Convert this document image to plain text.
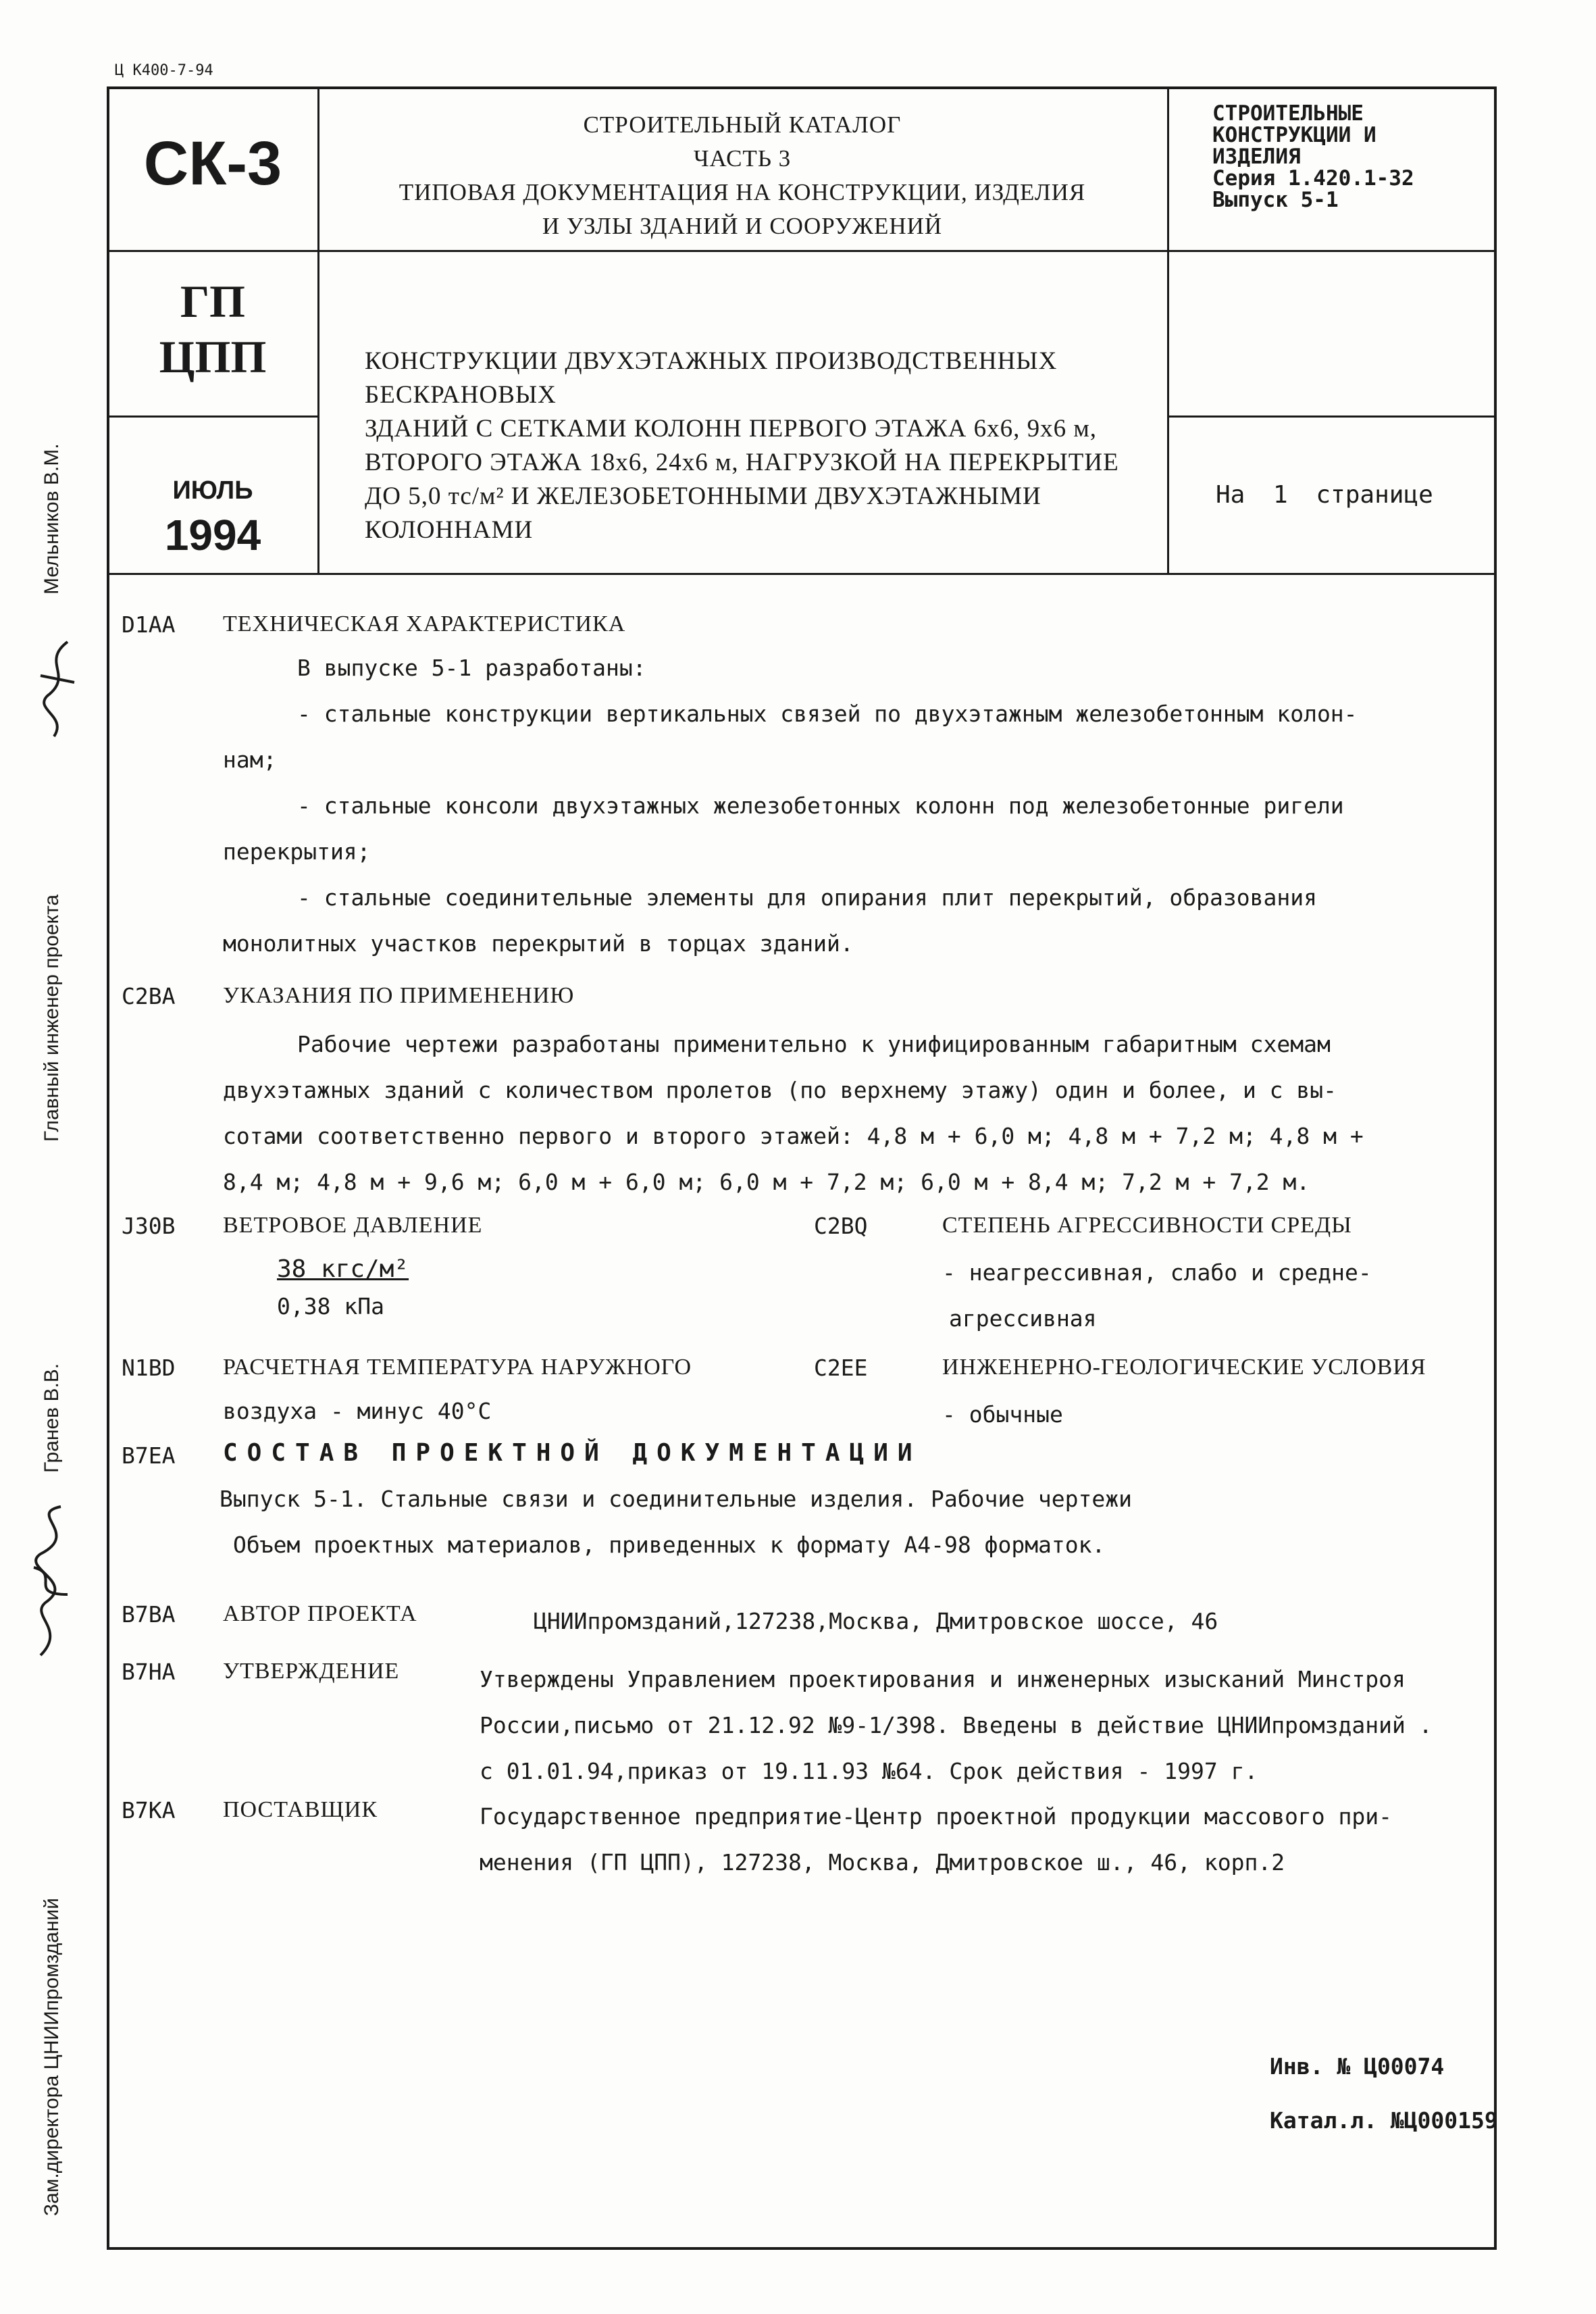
Ц К400-7-94
СК-3
СТРОИТЕЛЬНЫЙ КАТАЛОГ
ЧАСТЬ 3
ТИПОВАЯ ДОКУМЕНТАЦИЯ НА КОНСТРУКЦИИ, ИЗДЕЛИЯ
И УЗЛЫ ЗДАНИЙ И СООРУЖЕНИЙ
СТРОИТЕЛЬНЫЕ
КОНСТРУКЦИИ И
ИЗДЕЛИЯ
Серия 1.420.1-32
Выпуск 5-1
ГП
ЦПП
ИЮЛЬ
1994
КОНСТРУКЦИИ ДВУХЭТАЖНЫХ ПРОИЗВОДСТВЕННЫХ БЕСКРАНОВЫХ
ЗДАНИЙ С СЕТКАМИ КОЛОНН ПЕРВОГО ЭТАЖА 6х6, 9х6 м,
ВТОРОГО ЭТАЖА 18х6, 24х6 м, НАГРУЗКОЙ НА ПЕРЕКРЫТИЕ
ДО 5,0 тс/м² И ЖЕЛЕЗОБЕТОННЫМИ ДВУХЭТАЖНЫМИ КОЛОННАМИ
На 1 странице
Мельников В.М.
Главный инженер проекта
Гранев В.В.
Зам.директора ЦНИИпромзданий
D1AA ТЕХНИЧЕСКАЯ ХАРАКТЕРИСТИКА
В выпуске 5-1 разработаны:
- стальные конструкции вертикальных связей по двухэтажным железобетонным колон-
нам;
- стальные консоли двухэтажных железобетонных колонн под железобетонные ригели
перекрытия;
- стальные соединительные элементы для опирания плит перекрытий, образования
монолитных участков перекрытий в торцах зданий.
C2BA УКАЗАНИЯ ПО ПРИМЕНЕНИЮ
Рабочие чертежи разработаны применительно к унифицированным габаритным схемам
двухэтажных зданий с количеством пролетов (по верхнему этажу) один и более, и с вы-
сотами соответственно первого и второго этажей: 4,8 м + 6,0 м; 4,8 м + 7,2 м; 4,8 м +
8,4 м; 4,8 м + 9,6 м; 6,0 м + 6,0 м; 6,0 м + 7,2 м; 6,0 м + 8,4 м; 7,2 м + 7,2 м.
J30B ВЕТРОВОЕ ДАВЛЕНИЕ
38 кгс/м²
0,38 кПа
C2BQ	СТЕПЕНЬ АГРЕССИВНОСТИ СРЕДЫ
- неагрессивная, слабо и средне-
агрессивная
N1BD РАСЧЕТНАЯ ТЕМПЕРАТУРА НАРУЖНОГО
воздуха - минус 40°С
C2EE	ИНЖЕНЕРНО-ГЕОЛОГИЧЕСКИЕ УСЛОВИЯ
- обычные
B7EA СОСТАВ ПРОЕКТНОЙ ДОКУМЕНТАЦИИ
Выпуск 5-1. Стальные связи и соединительные изделия. Рабочие чертежи
Объем проектных материалов, приведенных к формату А4-98 форматок.
B7BA АВТОР ПРОЕКТА	ЦНИИпромзданий,127238,Москва, Дмитровское шоссе, 46
B7HA УТВЕРЖДЕНИЕ	Утверждены Управлением проектирования и инженерных изысканий Минстроя
России,письмо от 21.12.92 №9-1/398. Введены в действие ЦНИИпромзданий .
с 01.01.94,приказ от 19.11.93 №64. Срок действия - 1997 г.
B7KA ПОСТАВЩИК	Государственное предприятие-Центр проектной продукции массового при-
менения (ГП ЦПП), 127238, Москва, Дмитровское ш., 46, корп.2
Инв. № Ц00074
Катал.л. №Ц000159
